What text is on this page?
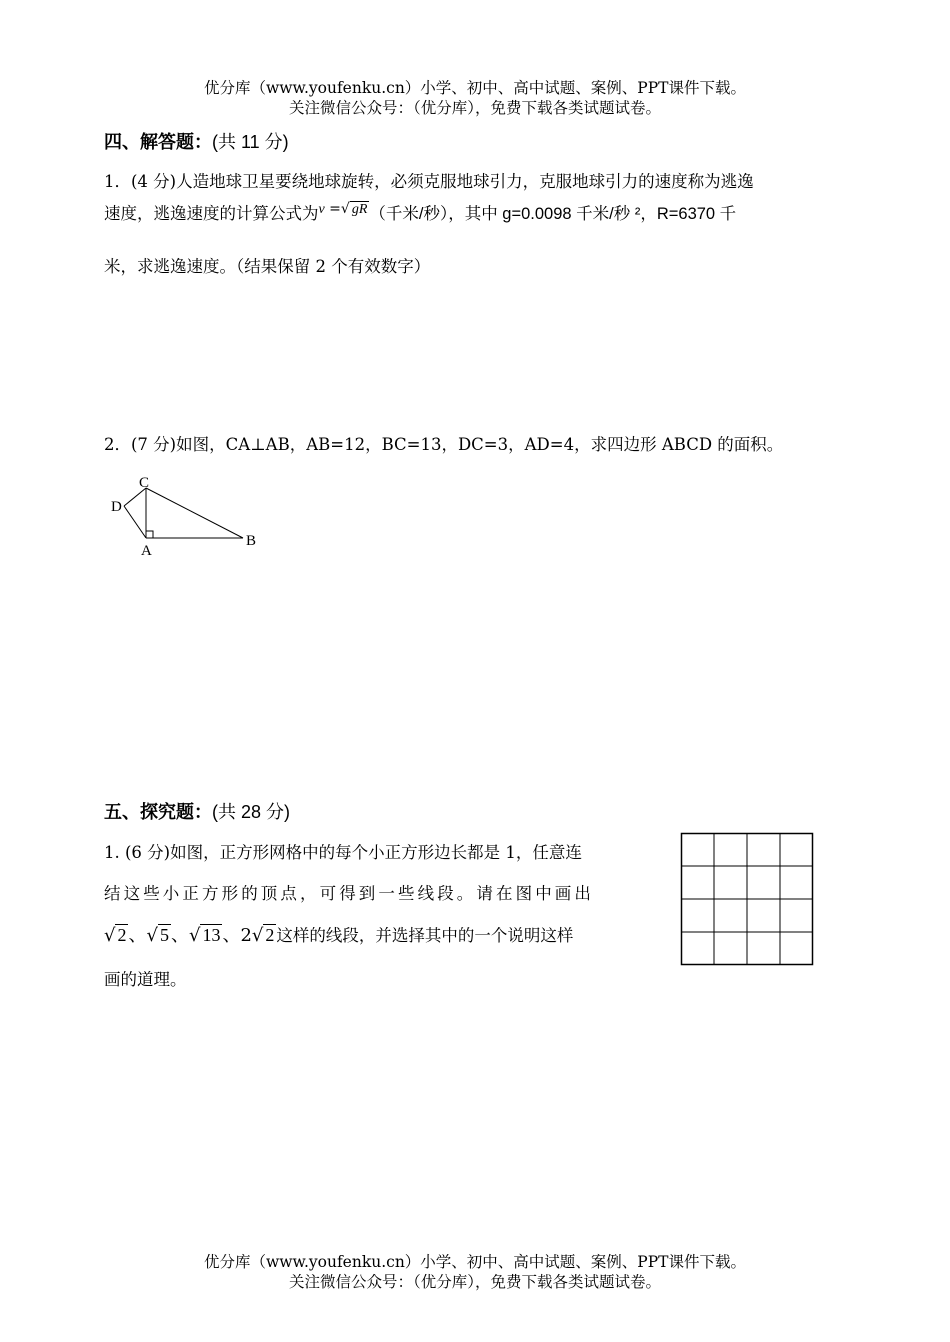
优分库（www.youfenku.cn）小学、初中、高中试题、案例、PPT课件下载。
关注微信公众号：（优分库），免费下载各类试题试卷。
四、解答题：(共 11 分)
1．(4 分)人造地球卫星要绕地球旋转，必须克服地球引力，克服地球引力的速度称为逃逸
速度，逃逸速度的计算公式为$^{v =√ gR}$ （千米/秒），其中 g=0.0098 千米/秒 ²，R=6370 千
米，求逃逸速度。（结果保留 2 个有效数字）
2．(7 分)如图，CA⊥AB，AB=12，BC=13，DC=3，AD=4，求四边形 ABCD 的面积。
C
D
A
B
五、探究题：(共 28 分)
1. (6 分)如图，正方形网格中的每个小正方形边长都是 1，任意连
结这些小正方形的顶点，可得到一些线段。请在图中画出
√ 2 、√ 5 、√ 13 、2√ 2 这样的线段，并选择其中的一个说明这样
画的道理。
优分库（www.youfenku.cn）小学、初中、高中试题、案例、PPT课件下载。
关注微信公众号：（优分库），免费下载各类试题试卷。
